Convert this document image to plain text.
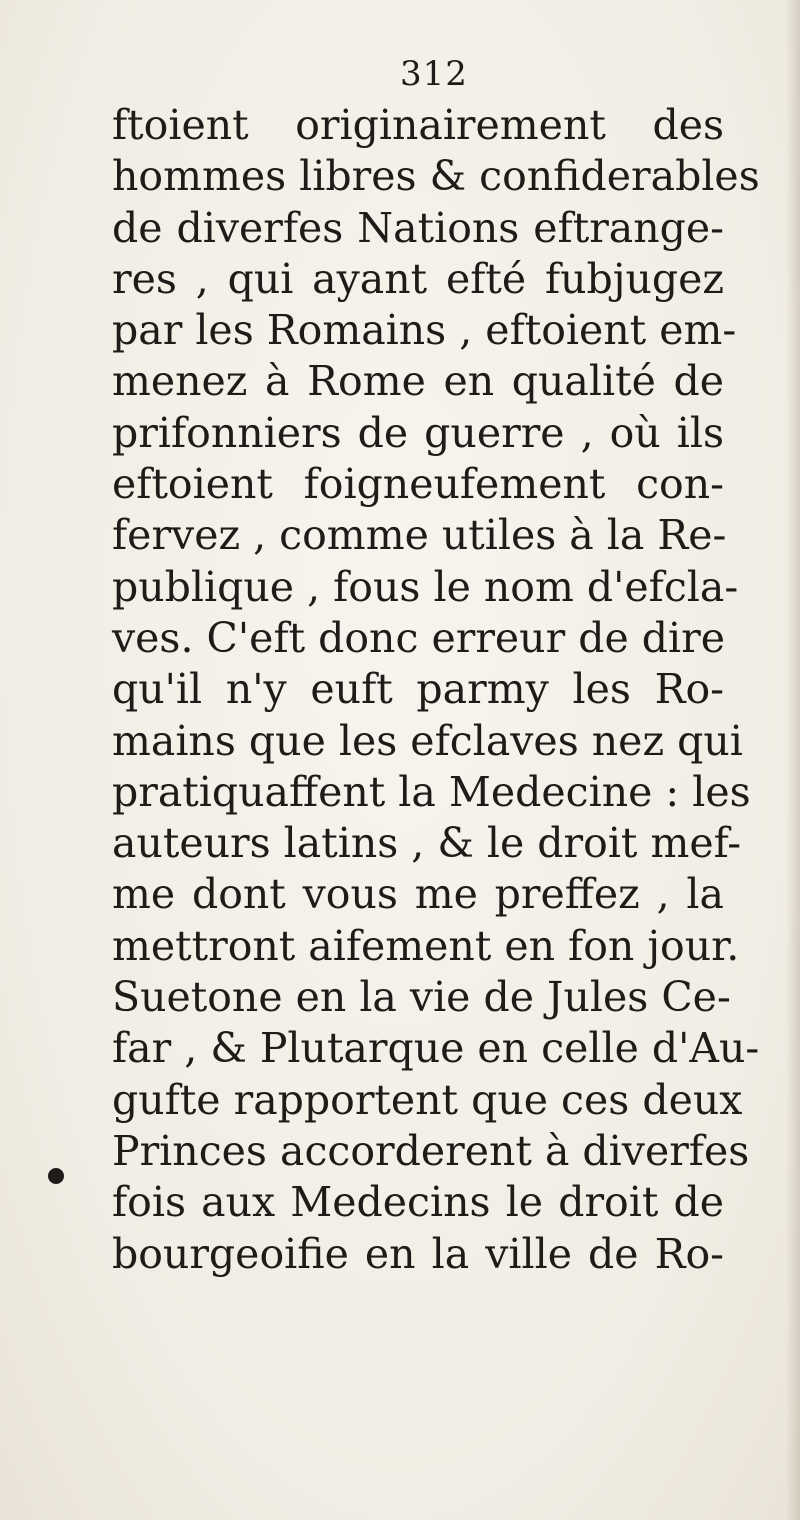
312
ftoient originairement des
hommes libres & confiderables
de diverfes Nations eftrange-
res , qui ayant efté fubjugez
par les Romains , eftoient em-
menez à Rome en qualité de
prifonniers de guerre , où ils
eftoient foigneufement con-
fervez , comme utiles à la Re-
publique , fous le nom d'efcla-
ves. C'eft donc erreur de dire
qu'il n'y euft parmy les Ro-
mains que les efclaves nez qui
pratiquaffent la Medecine : les
auteurs latins , & le droit mef-
me dont vous me preffez , la
mettront aifement en fon jour.
Suetone en la vie de Jules Ce-
far , & Plutarque en celle d'Au-
gufte rapportent que ces deux
Princes accorderent à diverfes
fois aux Medecins le droit de
bourgeoifie en la ville de Ro-
